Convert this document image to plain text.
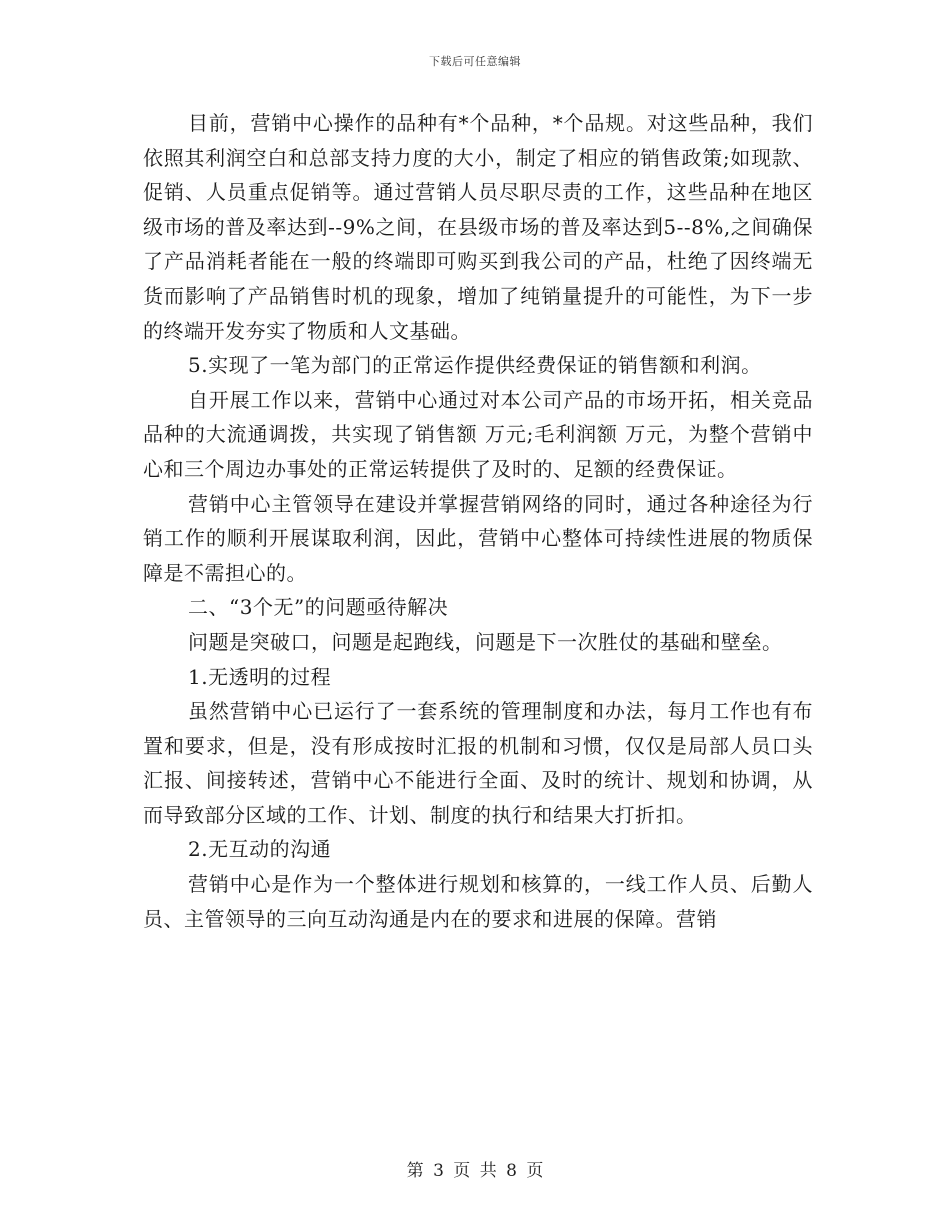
下载后可任意编辑

目前，营销中心操作的品种有*个品种，*个品规。对这些品种，我们依照其利润空白和总部支持力度的大小，制定了相应的销售政策;如现款、促销、人员重点促销等。通过营销人员尽职尽责的工作，这些品种在地区级市场的普及率达到--9%之间，在县级市场的普及率达到5--8%,之间确保了产品消耗者能在一般的终端即可购买到我公司的产品，杜绝了因终端无货而影响了产品销售时机的现象，增加了纯销量提升的可能性，为下一步的终端开发夯实了物质和人文基础。

5.实现了一笔为部门的正常运作提供经费保证的销售额和利润。

自开展工作以来，营销中心通过对本公司产品的市场开拓，相关竞品品种的大流通调拨，共实现了销售额 万元;毛利润额 万元，为整个营销中心和三个周边办事处的正常运转提供了及时的、足额的经费保证。

营销中心主管领导在建设并掌握营销网络的同时，通过各种途径为行销工作的顺利开展谋取利润，因此，营销中心整体可持续性进展的物质保障是不需担心的。

二、“3个无”的问题亟待解决

问题是突破口，问题是起跑线，问题是下一次胜仗的基础和壁垒。

1.无透明的过程

虽然营销中心已运行了一套系统的管理制度和办法，每月工作也有布置和要求，但是，没有形成按时汇报的机制和习惯，仅仅是局部人员口头汇报、间接转述，营销中心不能进行全面、及时的统计、规划和协调，从而导致部分区域的工作、计划、制度的执行和结果大打折扣。

2.无互动的沟通

营销中心是作为一个整体进行规划和核算的，一线工作人员、后勤人员、主管领导的三向互动沟通是内在的要求和进展的保障。营销

第 3 页 共 8 页
